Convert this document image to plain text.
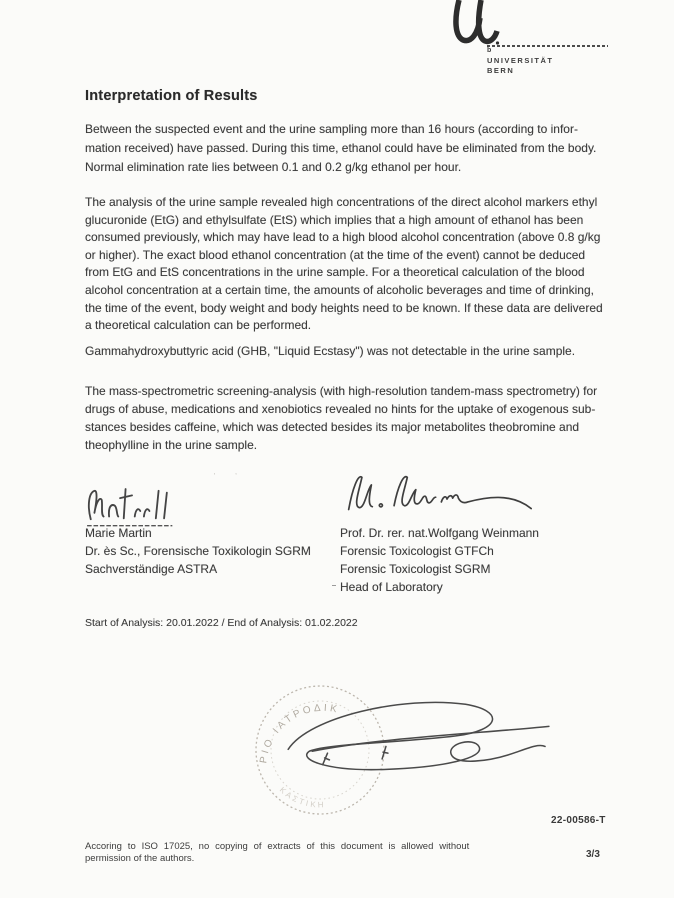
b
UNIVERSITÄT
BERN
Interpretation of Results
Between the suspected event and the urine sampling more than 16 hours (according to infor-
mation received) have passed. During this time, ethanol could have be eliminated from the body.
Normal elimination rate lies between 0.1 and 0.2 g/kg ethanol per hour.
The analysis of the urine sample revealed high concentrations of the direct alcohol markers ethyl
glucuronide (EtG) and ethylsulfate (EtS) which implies that a high amount of ethanol has been
consumed previously, which may have lead to a high blood alcohol concentration (above 0.8 g/kg
or higher). The exact blood ethanol concentration (at the time of the event) cannot be deduced
from EtG and EtS concentrations in the urine sample. For a theoretical calculation of the blood
alcohol concentration at a certain time, the amounts of alcoholic beverages and time of drinking,
the time of the event, body weight and body heights need to be known. If these data are delivered
a theoretical calculation can be performed.
Gammahydroxybuttyric acid (GHB, "Liquid Ecstasy") was not detectable in the urine sample.
The mass-spectrometric screening-analysis (with high-resolution tandem-mass spectrometry) for
drugs of abuse, medications and xenobiotics revealed no hints for the uptake of exogenous sub-
stances besides caffeine, which was detected besides its major metabolites theobromine and
theophylline in the urine sample.
᾿ ᾿
Marie Martin
Dr. ès Sc., Forensische Toxikologin SGRM
Sachverständige ASTRA
Prof. Dr. rer. nat.Wolfgang Weinmann
Forensic Toxicologist GTFCh
Forensic Toxicologist SGRM
Head of Laboratory
Start of Analysis: 20.01.2022 / End of Analysis: 01.02.2022
ΡΙΟ ΙΑΤΡΟΔΙΚ
ΚΑΣΤΙΚΗ
22-00586-T
Accoring to ISO 17025, no copying of extracts of this document is allowed without
permission of the authors.	3/3
